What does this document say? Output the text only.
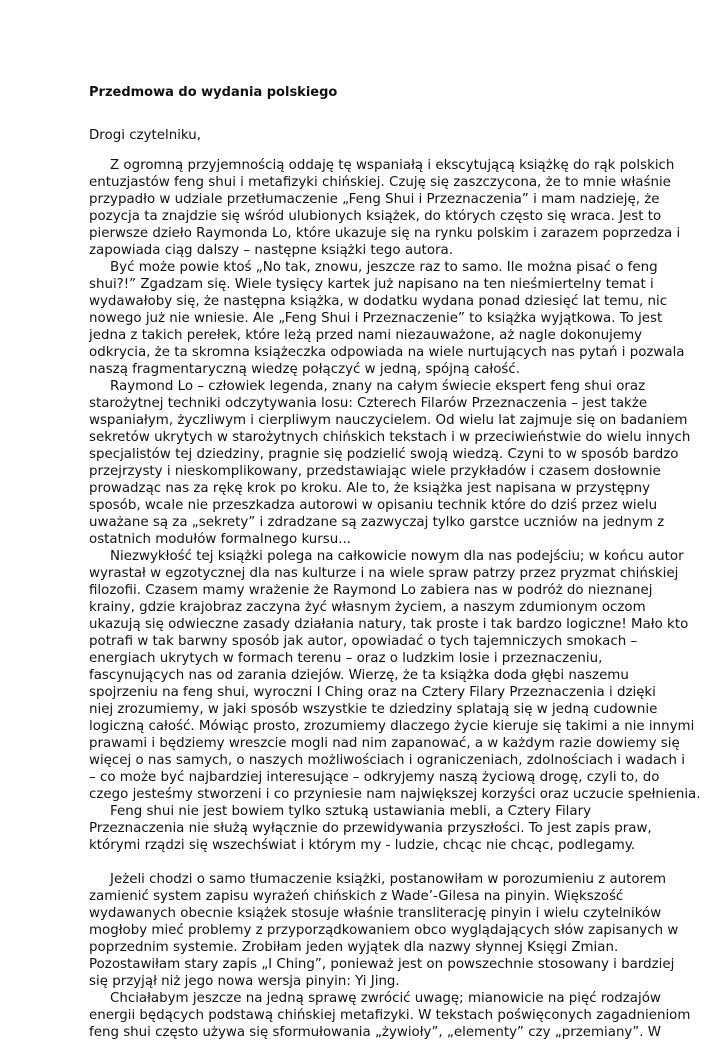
Przedmowa do wydania polskiego
Drogi czytelniku,
Z ogromną przyjemnością oddaję tę wspaniałą i ekscytującą książkę do rąk polskich
entuzjastów feng shui i metafizyki chińskiej. Czuję się zaszczycona, że to mnie właśnie
przypadło w udziale przetłumaczenie „Feng Shui i Przeznaczenia” i mam nadzieję, że
pozycja ta znajdzie się wśród ulubionych książek, do których często się wraca. Jest to
pierwsze dzieło Raymonda Lo, które ukazuje się na rynku polskim i zarazem poprzedza i
zapowiada ciąg dalszy – następne książki tego autora.
Być może powie ktoś „No tak, znowu, jeszcze raz to samo. Ile można pisać o feng
shui?!” Zgadzam się. Wiele tysięcy kartek już napisano na ten nieśmiertelny temat i
wydawałoby się, że następna książka, w dodatku wydana ponad dziesięć lat temu, nic
nowego już nie wniesie. Ale „Feng Shui i Przeznaczenie” to książka wyjątkowa. To jest
jedna z takich perełek, które leżą przed nami niezauważone, aż nagle dokonujemy
odkrycia, że ta skromna książeczka odpowiada na wiele nurtujących nas pytań i pozwala
naszą fragmentaryczną wiedzę połączyć w jedną, spójną całość.
Raymond Lo – człowiek legenda, znany na całym świecie ekspert feng shui oraz
starożytnej techniki odczytywania losu: Czterech Filarów Przeznaczenia – jest także
wspaniałym, życzliwym i cierpliwym nauczycielem. Od wielu lat zajmuje się on badaniem
sekretów ukrytych w starożytnych chińskich tekstach i w przeciwieństwie do wielu innych
specjalistów tej dziedziny, pragnie się podzielić swoją wiedzą. Czyni to w sposób bardzo
przejrzysty i nieskomplikowany, przedstawiając wiele przykładów i czasem dosłownie
prowadząc nas za rękę krok po kroku. Ale to, że książka jest napisana w przystępny
sposób, wcale nie przeszkadza autorowi w opisaniu technik które do dziś przez wielu
uważane są za „sekrety” i zdradzane są zazwyczaj tylko garstce uczniów na jednym z
ostatnich modułów formalnego kursu...
Niezwykłość tej książki polega na całkowicie nowym dla nas podejściu; w końcu autor
wyrastał w egzotycznej dla nas kulturze i na wiele spraw patrzy przez pryzmat chińskiej
filozofii. Czasem mamy wrażenie że Raymond Lo zabiera nas w podróż do nieznanej
krainy, gdzie krajobraz zaczyna żyć własnym życiem, a naszym zdumionym oczom
ukazują się odwieczne zasady działania natury, tak proste i tak bardzo logiczne! Mało kto
potrafi w tak barwny sposób jak autor, opowiadać o tych tajemniczych smokach –
energiach ukrytych w formach terenu – oraz o ludzkim losie i przeznaczeniu,
fascynujących nas od zarania dziejów. Wierzę, że ta książka doda głębi naszemu
spojrzeniu na feng shui, wyroczni I Ching oraz na Cztery Filary Przeznaczenia i dzięki
niej zrozumiemy, w jaki sposób wszystkie te dziedziny splatają się w jedną cudownie
logiczną całość. Mówiąc prosto, zrozumiemy dlaczego życie kieruje się takimi a nie innymi
prawami i będziemy wreszcie mogli nad nim zapanować, a w każdym razie dowiemy się
więcej o nas samych, o naszych możliwościach i ograniczeniach, zdolnościach i wadach i
– co może być najbardziej interesujące – odkryjemy naszą życiową drogę, czyli to, do
czego jesteśmy stworzeni i co przyniesie nam największej korzyści oraz uczucie spełnienia.
Feng shui nie jest bowiem tylko sztuką ustawiania mebli, a Cztery Filary
Przeznaczenia nie służą wyłącznie do przewidywania przyszłości. To jest zapis praw,
którymi rządzi się wszechświat i którym my - ludzie, chcąc nie chcąc, podlegamy.
Jeżeli chodzi o samo tłumaczenie książki, postanowiłam w porozumieniu z autorem
zamienić system zapisu wyrażeń chińskich z Wade’-Gilesa na pinyin. Większość
wydawanych obecnie książek stosuje właśnie transliterację pinyin i wielu czytelników
mogłoby mieć problemy z przyporządkowaniem obco wyglądających słów zapisanych w
poprzednim systemie. Zrobiłam jeden wyjątek dla nazwy słynnej Księgi Zmian.
Pozostawiłam stary zapis „I Ching”, ponieważ jest on powszechnie stosowany i bardziej
się przyjął niż jego nowa wersja pinyin: Yi Jing.
Chciałabym jeszcze na jedną sprawę zwrócić uwagę; mianowicie na pięć rodzajów
energii będących podstawą chińskiej metafizyki. W tekstach poświęconych zagadnieniom
feng shui często używa się sformułowania „żywioły”, „elementy” czy „przemiany”. W
